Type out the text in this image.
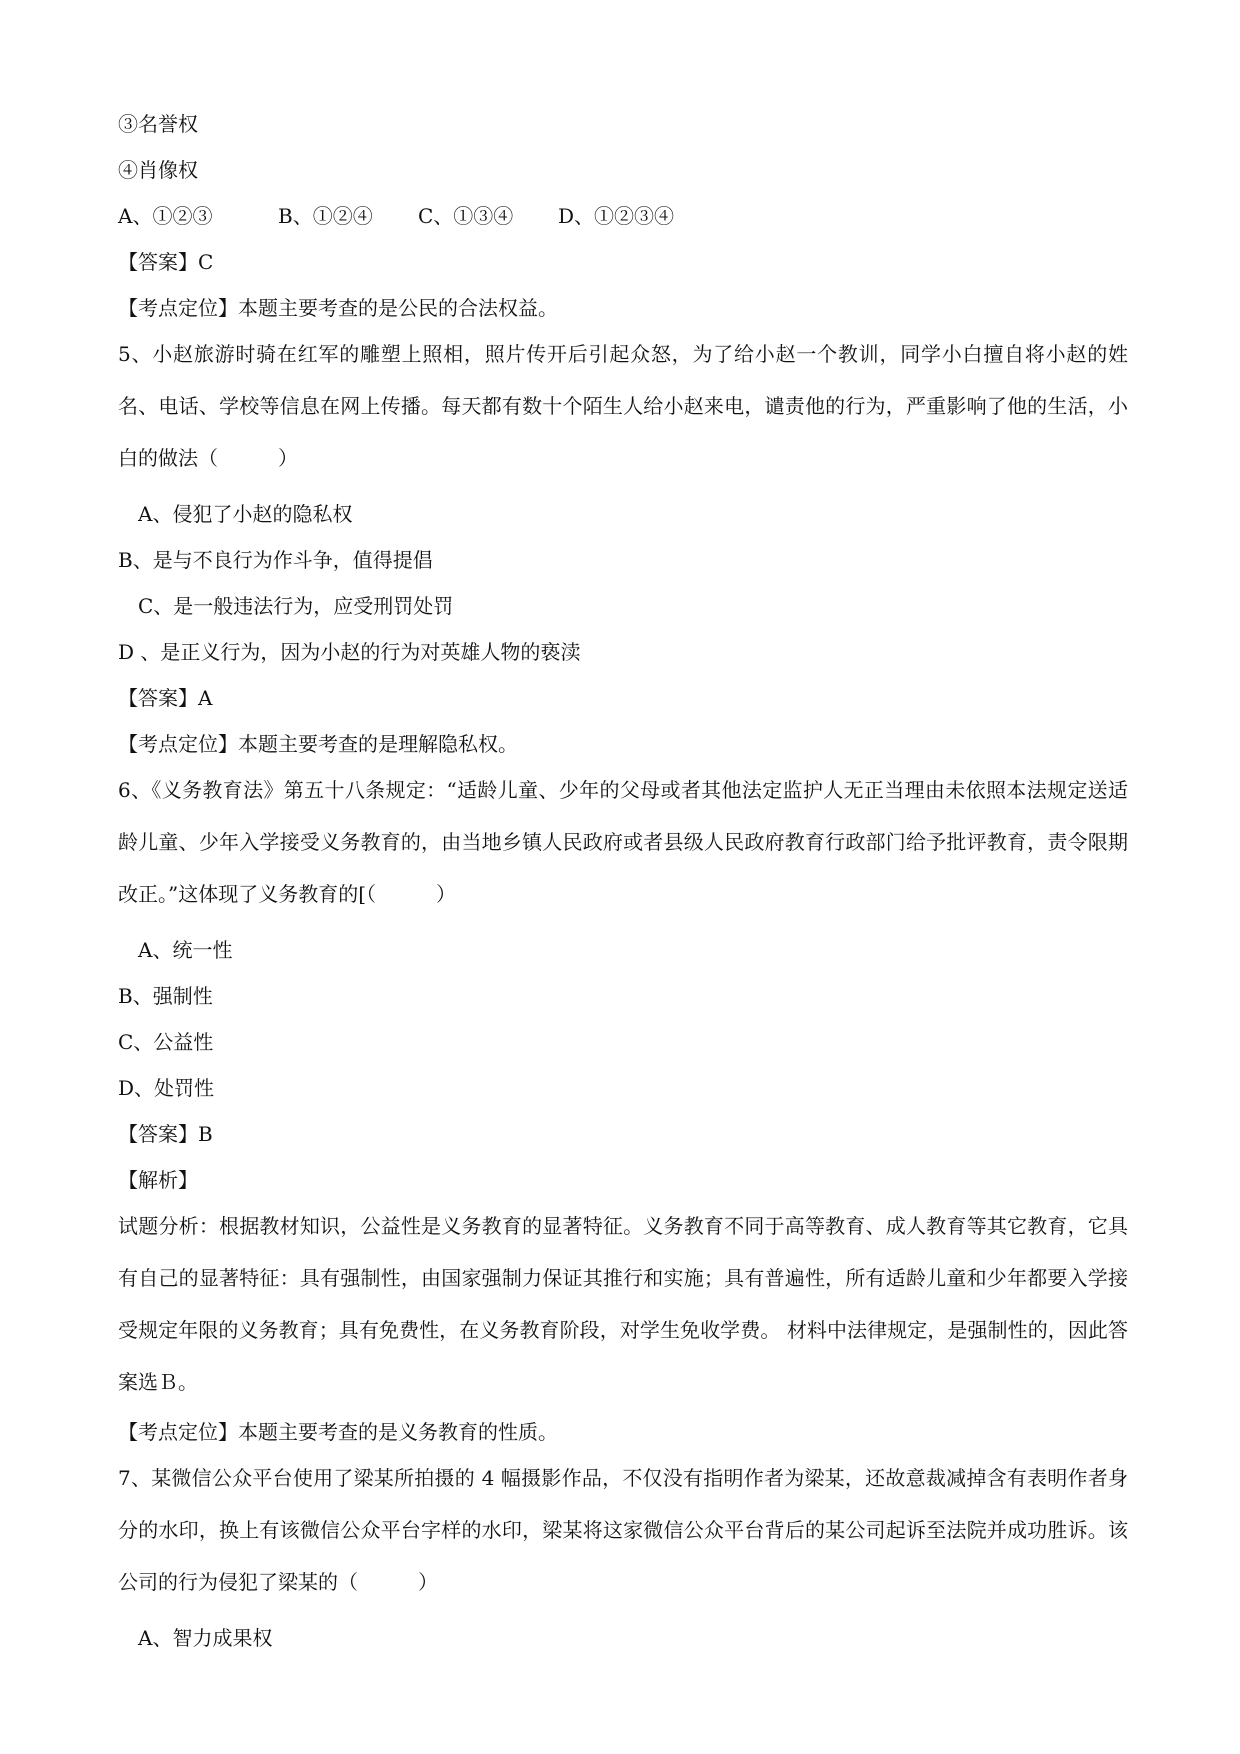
③名誉权
④肖像权
A、①②③	B、①②④ C、①③④ D、①②③④
【答案】C
【考点定位】本题主要考查的是公民的合法权益。
5、小赵旅游时骑在红军的雕塑上照相，照片传开后引起众怒，为了给小赵一个教训，同学小白擅自将小赵的姓名、电话、学校等信息在网上传播。每天都有数十个陌生人给小赵来电，谴责他的行为，严重影响了他的生活，小白的做法（　　　）
A、侵犯了小赵的隐私权
B、是与不良行为作斗争，值得提倡
C、是一般违法行为，应受刑罚处罚
D 、是正义行为，因为小赵的行为对英雄人物的亵渎
【答案】A
【考点定位】本题主要考查的是理解隐私权。
6、《义务教育法》第五十八条规定：“适龄儿童、少年的父母或者其他法定监护人无正当理由未依照本法规定送适龄儿童、少年入学接受义务教育的，由当地乡镇人民政府或者县级人民政府教育行政部门给予批评教育，责令限期改正。”这体现了义务教育的[（　　　）
A、统一性
B、强制性
C、公益性
D、处罚性
【答案】B
【解析】
试题分析：根据教材知识，公益性是义务教育的显著特征。义务教育不同于高等教育、成人教育等其它教育，它具有自己的显著特征：具有强制性，由国家强制力保证其推行和实施；具有普遍性，所有适龄儿童和少年都要入学接受规定年限的义务教育；具有免费性，在义务教育阶段，对学生免收学费。 材料中法律规定，是强制性的，因此答案选Ｂ。
【考点定位】本题主要考查的是义务教育的性质。
7、某微信公众平台使用了梁某所拍摄的 4 幅摄影作品，不仅没有指明作者为梁某，还故意裁减掉含有表明作者身分的水印，换上有该微信公众平台字样的水印，梁某将这家微信公众平台背后的某公司起诉至法院并成功胜诉。该公司的行为侵犯了梁某的（　　　）
A、智力成果权
